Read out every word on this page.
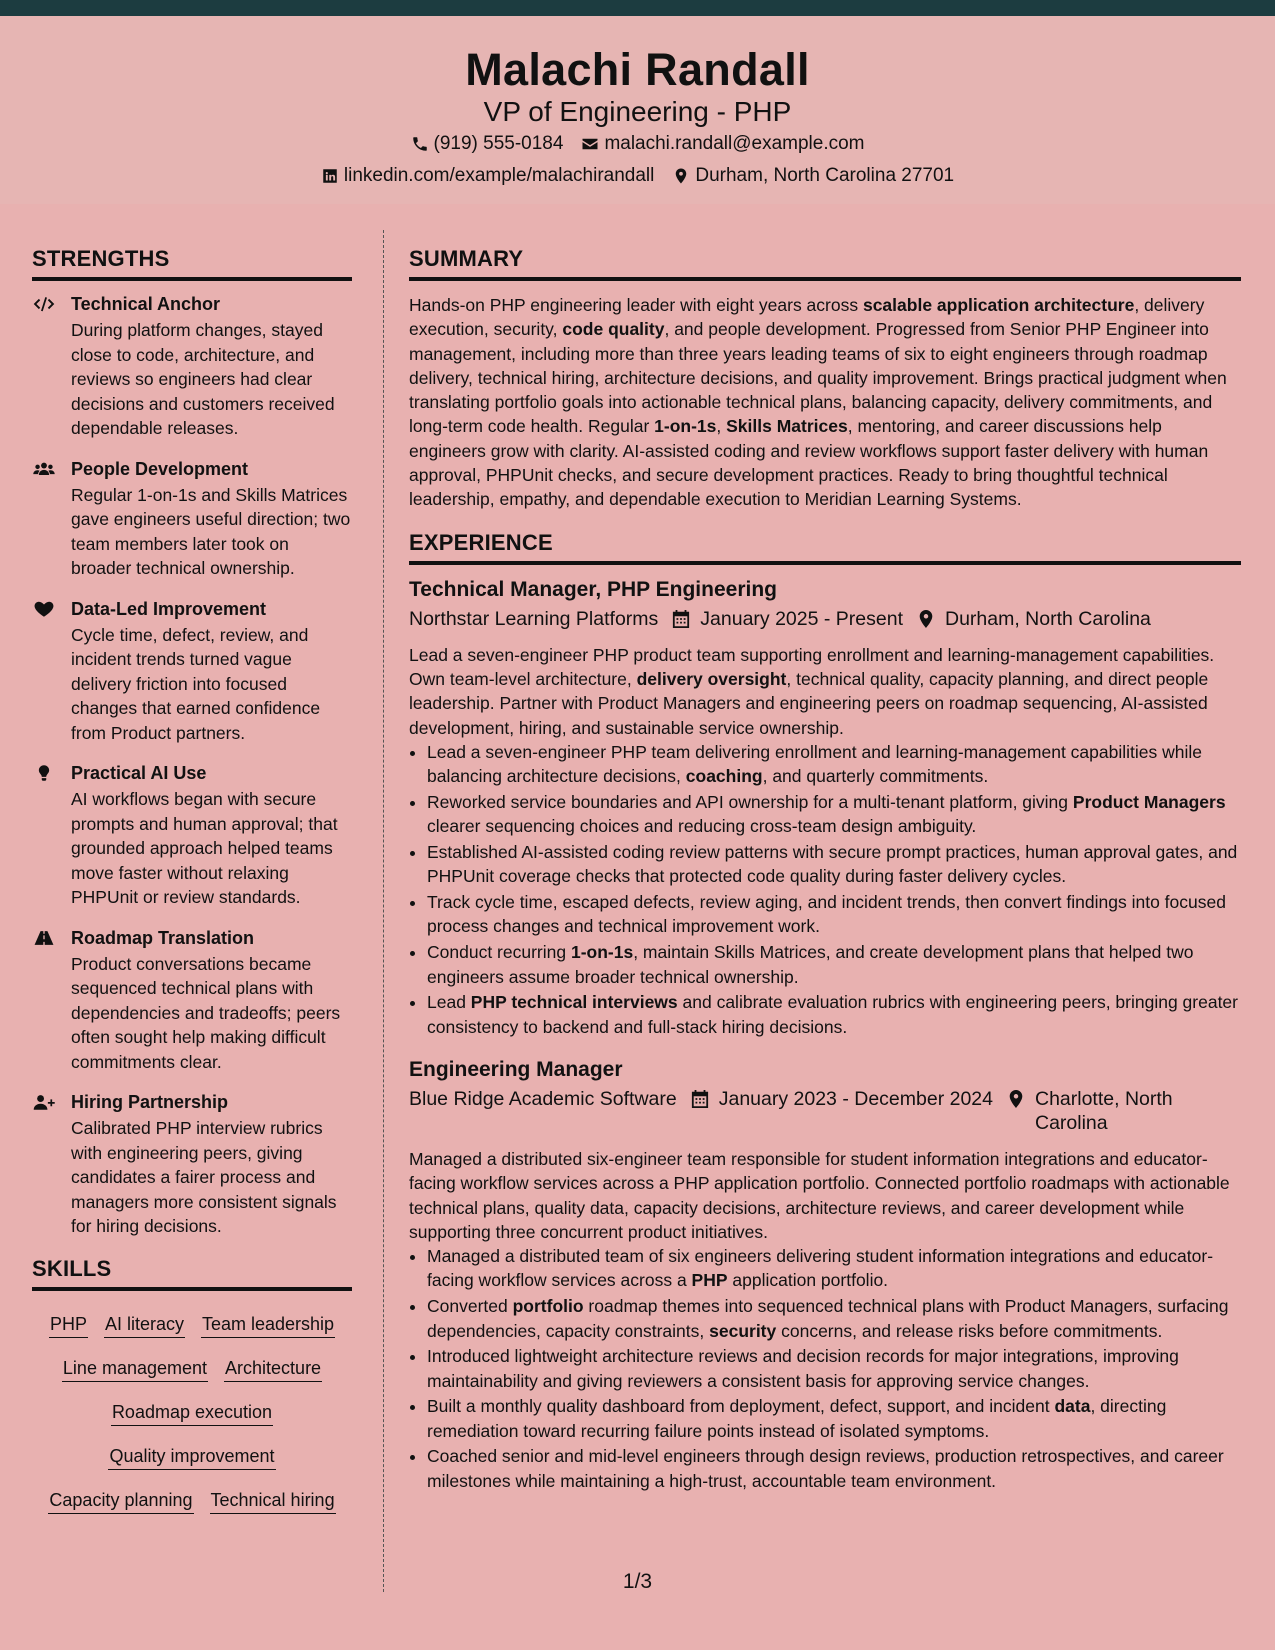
Malachi Randall
VP of Engineering - PHP
(919) 555-0184 malachi.randall@example.com
linkedin.com/example/malachirandall Durham, North Carolina 27701
STRENGTHS
Technical Anchor
During platform changes, stayed close to code, architecture, and reviews so engineers had clear decisions and customers received dependable releases.
People Development
Regular 1-on-1s and Skills Matrices gave engineers useful direction; two team members later took on broader technical ownership.
Data-Led Improvement
Cycle time, defect, review, and incident trends turned vague delivery friction into focused changes that earned confidence from Product partners.
Practical AI Use
AI workflows began with secure prompts and human approval; that grounded approach helped teams move faster without relaxing PHPUnit or review standards.
Roadmap Translation
Product conversations became sequenced technical plans with dependencies and tradeoffs; peers often sought help making difficult commitments clear.
Hiring Partnership
Calibrated PHP interview rubrics with engineering peers, giving candidates a fairer process and managers more consistent signals for hiring decisions.
SKILLS
PHP AI literacy Team leadership
Line management Architecture
Roadmap execution
Quality improvement
Capacity planning Technical hiring
SUMMARY
Hands-on PHP engineering leader with eight years across scalable application architecture, delivery execution, security, code quality, and people development. Progressed from Senior PHP Engineer into management, including more than three years leading teams of six to eight engineers through roadmap delivery, technical hiring, architecture decisions, and quality improvement. Brings practical judgment when translating portfolio goals into actionable technical plans, balancing capacity, delivery commitments, and long-term code health. Regular 1-on-1s, Skills Matrices, mentoring, and career discussions help engineers grow with clarity. AI-assisted coding and review workflows support faster delivery with human approval, PHPUnit checks, and secure development practices. Ready to bring thoughtful technical leadership, empathy, and dependable execution to Meridian Learning Systems.
EXPERIENCE
Technical Manager, PHP Engineering
Northstar Learning Platforms January 2025 - Present Durham, North Carolina
Lead a seven-engineer PHP product team supporting enrollment and learning-management capabilities. Own team-level architecture, delivery oversight, technical quality, capacity planning, and direct people leadership. Partner with Product Managers and engineering peers on roadmap sequencing, AI-assisted development, hiring, and sustainable service ownership.
• Lead a seven-engineer PHP team delivering enrollment and learning-management capabilities while balancing architecture decisions, coaching, and quarterly commitments.
• Reworked service boundaries and API ownership for a multi-tenant platform, giving Product Managers clearer sequencing choices and reducing cross-team design ambiguity.
• Established AI-assisted coding review patterns with secure prompt practices, human approval gates, and PHPUnit coverage checks that protected code quality during faster delivery cycles.
• Track cycle time, escaped defects, review aging, and incident trends, then convert findings into focused process changes and technical improvement work.
• Conduct recurring 1-on-1s, maintain Skills Matrices, and create development plans that helped two engineers assume broader technical ownership.
• Lead PHP technical interviews and calibrate evaluation rubrics with engineering peers, bringing greater consistency to backend and full-stack hiring decisions.
Engineering Manager
Blue Ridge Academic Software January 2023 - December 2024 Charlotte, North Carolina
Managed a distributed six-engineer team responsible for student information integrations and educator-facing workflow services across a PHP application portfolio. Connected portfolio roadmaps with actionable technical plans, quality data, capacity decisions, architecture reviews, and career development while supporting three concurrent product initiatives.
• Managed a distributed team of six engineers delivering student information integrations and educator-facing workflow services across a PHP application portfolio.
• Converted portfolio roadmap themes into sequenced technical plans with Product Managers, surfacing dependencies, capacity constraints, security concerns, and release risks before commitments.
• Introduced lightweight architecture reviews and decision records for major integrations, improving maintainability and giving reviewers a consistent basis for approving service changes.
• Built a monthly quality dashboard from deployment, defect, support, and incident data, directing remediation toward recurring failure points instead of isolated symptoms.
• Coached senior and mid-level engineers through design reviews, production retrospectives, and career milestones while maintaining a high-trust, accountable team environment.
1/3
